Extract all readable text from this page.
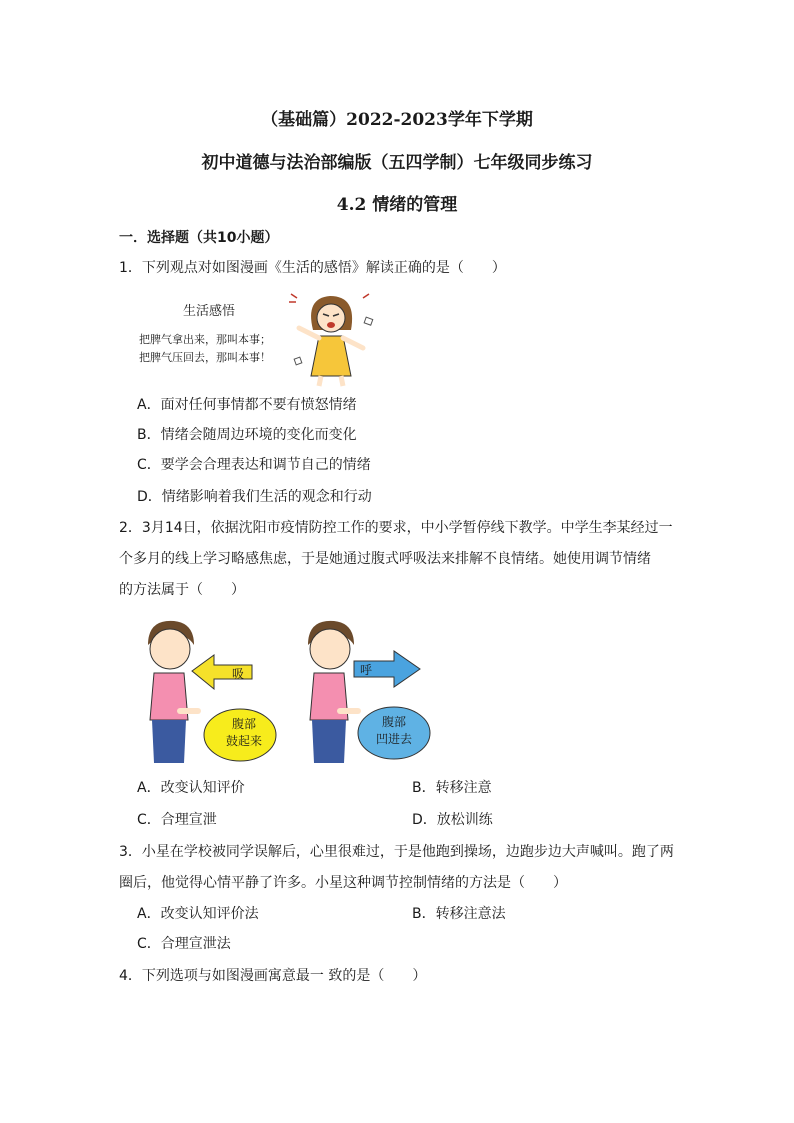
（基础篇）2022-2023学年下学期
初中道德与法治部编版（五四学制）七年级同步练习
4.2 情绪的管理
一．选择题（共10小题）
1．下列观点对如图漫画《生活的感悟》解读正确的是（　　）
生活感悟
把脾气拿出来，那叫本事；
把脾气压回去，那叫本事！
A．面对任何事情都不要有愤怒情绪
B．情绪会随周边环境的变化而变化
C．要学会合理表达和调节自己的情绪
D．情绪影响着我们生活的观念和行动
2．3月14日，依据沈阳市疫情防控工作的要求，中小学暂停线下教学。中学生李某经过一
个多月的线上学习略感焦虑，于是她通过腹式呼吸法来排解不良情绪。她使用调节情绪
的方法属于（　　）
吸
腹部
鼓起来
呼
腹部
凹进去
A．改变认知评价	B．转移注意
C．合理宣泄	D．放松训练
3．小星在学校被同学误解后，心里很难过，于是他跑到操场，边跑步边大声喊叫。跑了两
圈后，他觉得心情平静了许多。小星这种调节控制情绪的方法是（　　）
A．改变认知评价法	B．转移注意法
C．合理宣泄法
4．下列选项与如图漫画寓意最一 致的是（　　）
